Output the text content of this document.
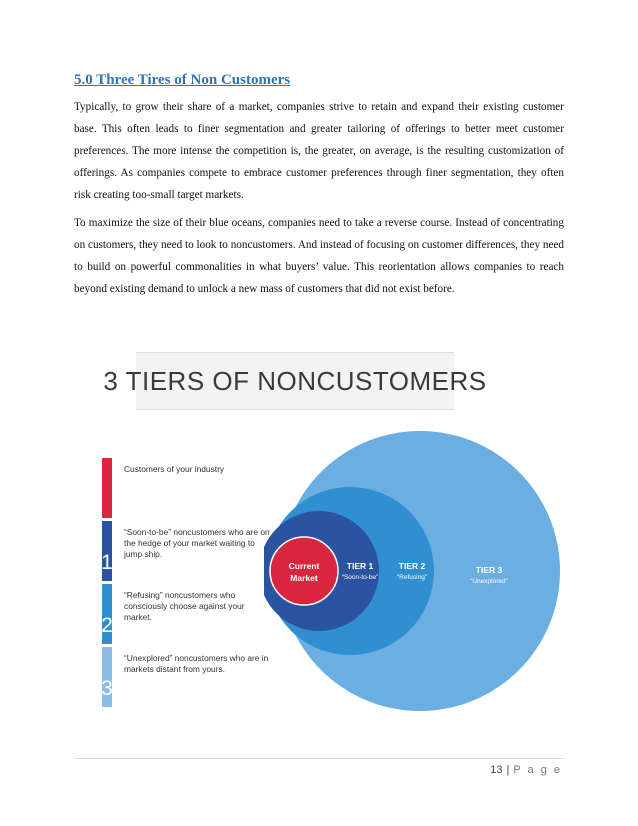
5.0 Three Tires of Non Customers
Typically, to grow their share of a market, companies strive to retain and expand their existing customer base. This often leads to finer segmentation and greater tailoring of offerings to better meet customer preferences. The more intense the competition is, the greater, on average, is the resulting customization of offerings. As companies compete to embrace customer preferences through finer segmentation, they often risk creating too-small target markets.
To maximize the size of their blue oceans, companies need to take a reverse course. Instead of concentrating on customers, they need to look to noncustomers. And instead of focusing on customer differences, they need to build on powerful commonalities in what buyers’ value. This reorientation allows companies to reach beyond existing demand to unlock a new mass of customers that did not exist before.
3 TIERS OF NONCUSTOMERS
Customers of your industry
1
“Soon-to-be” noncustomers who are on the hedge of your market waiting to jump ship.
2
“Refusing” noncustomers who consciously choose against your market.
3
“Unexplored” noncustomers who are in markets distant from yours.
Current
Market
TIER 1
“Soon-to-be”
TIER 2
“Refusing”
TIER 3
“Unexplored”
13 | P a g e
